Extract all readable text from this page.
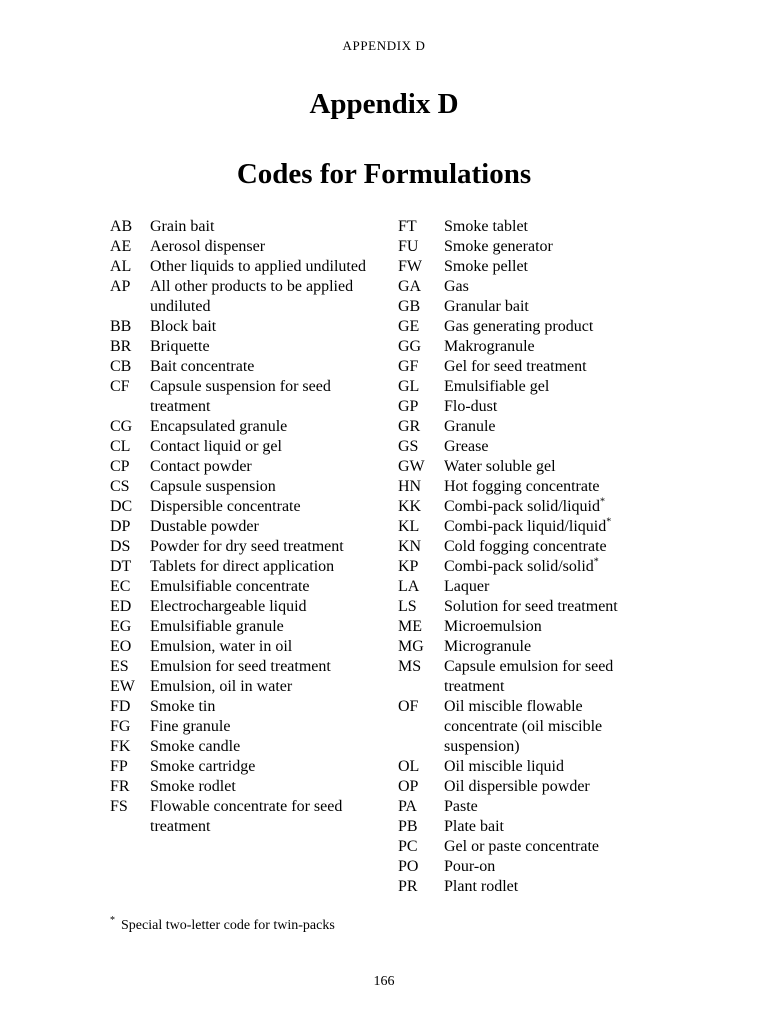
APPENDIX D
Appendix D
Codes for Formulations
AB	Grain bait
AE	Aerosol dispenser
AL	Other liquids to applied undiluted
AP	All other products to be applied undiluted
BB	Block bait
BR	Briquette
CB	Bait concentrate
CF	Capsule suspension for seed treatment
CG	Encapsulated granule
CL	Contact liquid or gel
CP	Contact powder
CS	Capsule suspension
DC	Dispersible concentrate
DP	Dustable powder
DS	Powder for dry seed treatment
DT	Tablets for direct application
EC	Emulsifiable concentrate
ED	Electrochargeable liquid
EG	Emulsifiable granule
EO	Emulsion, water in oil
ES	Emulsion for seed treatment
EW Emulsion, oil in water
FD	Smoke tin
FG	Fine granule
FK	Smoke candle
FP	Smoke cartridge
FR	Smoke rodlet
FS	Flowable concentrate for seed treatment
FT	Smoke tablet
FU	Smoke generator
FW	Smoke pellet
GA	Gas
GB	Granular bait
GE	Gas generating product
GG	Makrogranule
GF	Gel for seed treatment
GL	Emulsifiable gel
GP	Flo-dust
GR	Granule
GS	Grease
GW	Water soluble gel
HN	Hot fogging concentrate
KK	Combi-pack solid/liquid*
KL	Combi-pack liquid/liquid*
KN	Cold fogging concentrate
KP	Combi-pack solid/solid*
LA	Laquer
LS	Solution for seed treatment
ME	Microemulsion
MG	Microgranule
MS	Capsule emulsion for seed treatment
OF	Oil miscible flowable concentrate (oil miscible suspension)
OL	Oil miscible liquid
OP	Oil dispersible powder
PA	Paste
PB	Plate bait
PC	Gel or paste concentrate
PO	Pour-on
PR	Plant rodlet
* Special two-letter code for twin-packs
166
